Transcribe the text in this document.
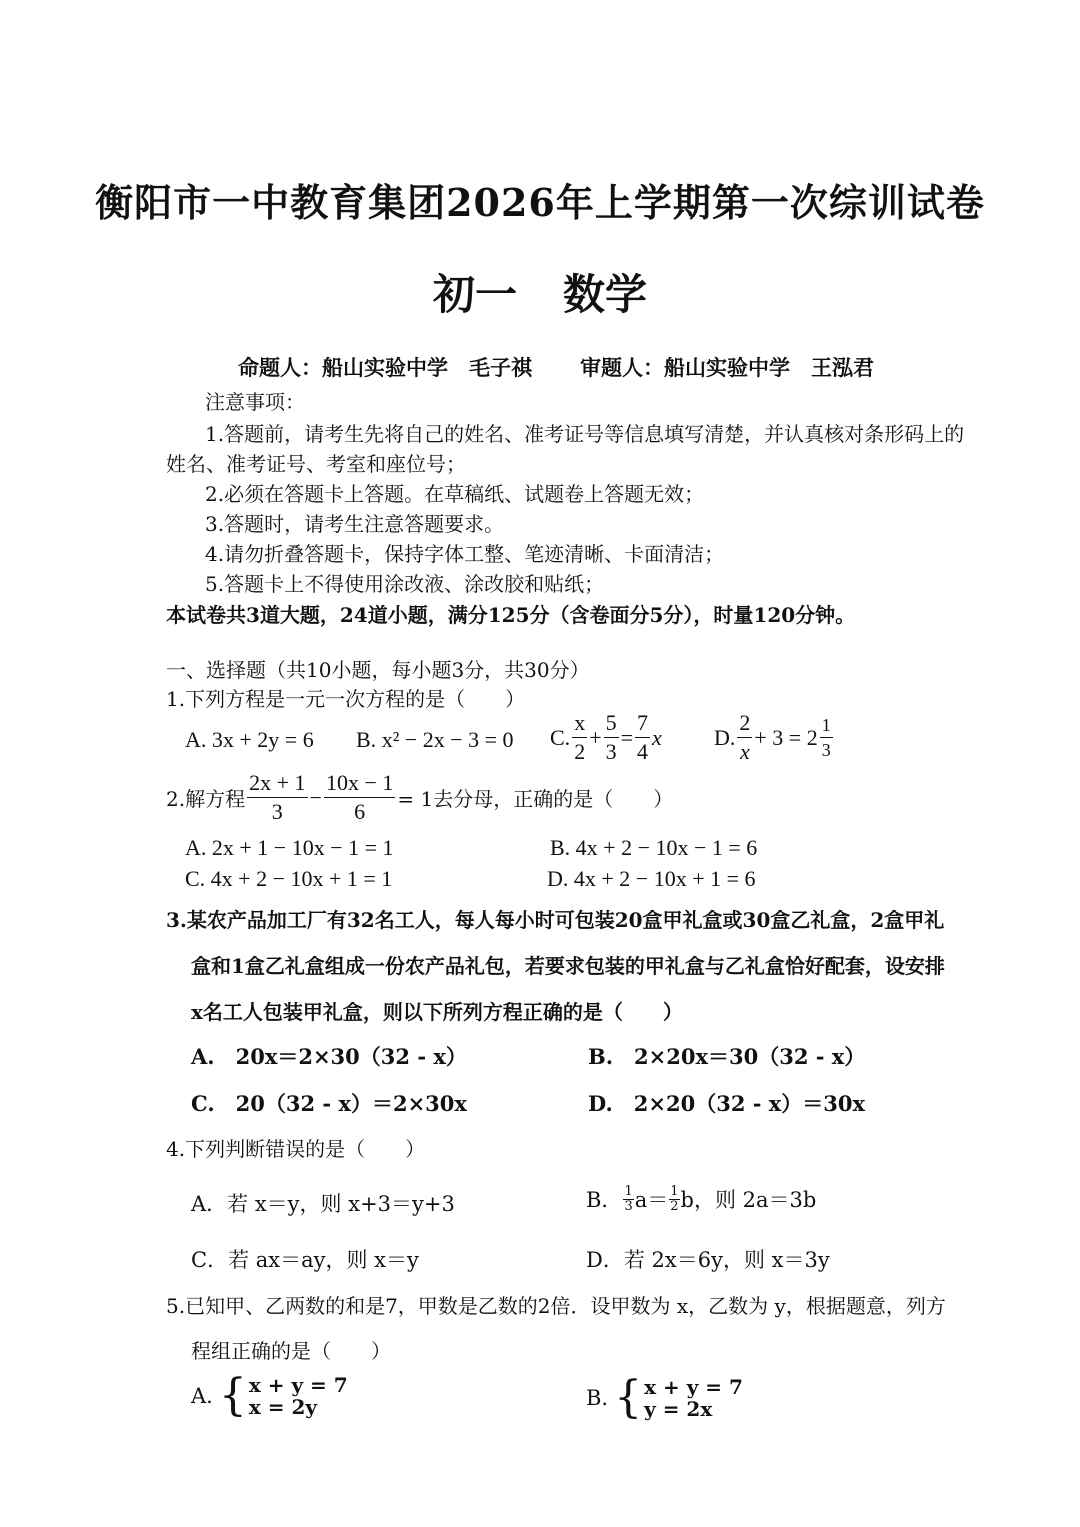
衡阳市一中教育集团2026年上学期第一次综训试卷
初一 数学
命题人：船山实验中学　毛子祺 审题人：船山实验中学　王泓君
注意事项：
1.答题前，请考生先将自己的姓名、准考证号等信息填写清楚，并认真核对条形码上的
姓名、准考证号、考室和座位号；
2.必须在答题卡上答题。在草稿纸、试题卷上答题无效；
3.答题时，请考生注意答题要求。
4.请勿折叠答题卡，保持字体工整、笔迹清晰、卡面清洁；
5.答题卡上不得使用涂改液、涂改胶和贴纸；
本试卷共3道大题，24道小题，满分125分（含卷面分5分），时量120分钟。
一、选择题（共10小题，每小题3分，共30分）
1.下列方程是一元一次方程的是（　　）
A. 3x + 2y = 6 B. x² − 2x − 3 = 0 C. $\frac{x}{2} + \frac{5}{3} = \frac{7}{4}$ x D. $\frac{2}{x} + 3 = 2 \frac{1}{3}$
2.解方程 $\frac{2x + 1}{3} - \frac{10x - 1}{6} = 1$去分母，正确的是（　　）
A. 2x + 1 − 10x − 1 = 1	B. 4x + 2 − 10x − 1 = 6
C. 4x + 2 − 10x + 1 = 1	D. 4x + 2 − 10x + 1 = 6
3.某农产品加工厂有32名工人，每人每小时可包装20盒甲礼盒或30盒乙礼盒，2盒甲礼
盒和1盒乙礼盒组成一份农产品礼包，若要求包装的甲礼盒与乙礼盒恰好配套，设安排
x名工人包装甲礼盒，则以下所列方程正确的是（　　）
A.　20x＝2×30（32 - x）	B.　2×20x＝30（32 - x）
C.　20（32 - x）＝2×30x	D.　2×20（32 - x）＝30x
4.下列判断错误的是（　　）
A．若 x＝y，则 x+3＝y+3	B． $\frac{1}{3} a= \frac{1}{2}$ b，则 2a＝3b
C．若 ax＝ay，则 x＝y	D．若 2x＝6y，则 x＝3y
5.已知甲、乙两数的和是7，甲数是乙数的2倍．设甲数为 x，乙数为 y，根据题意，列方
程组正确的是（　　）
A. { x + y = 7
x = 2y	B. { x + y = 7
y = 2x
